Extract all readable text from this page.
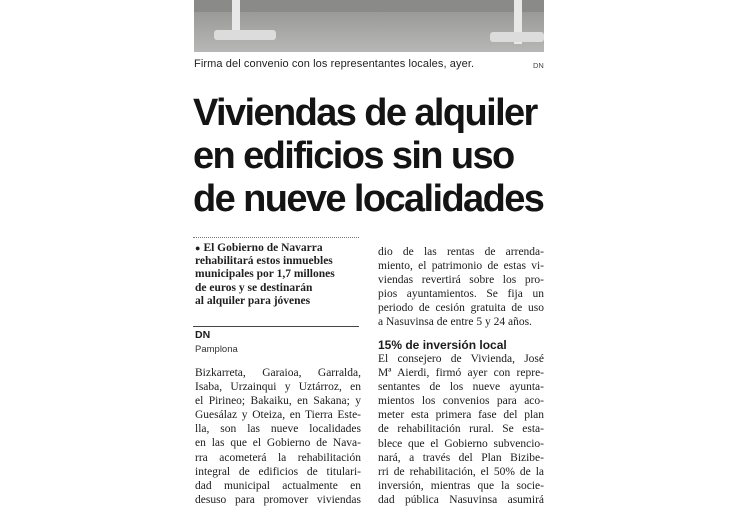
Firma del convenio con los representantes locales, ayer.	DN
Viviendas de alquiler
en edificios sin uso
de nueve localidades
● El Gobierno de Navarra
rehabilitará estos inmuebles
municipales por 1,7 millones
de euros y se destinarán
al alquiler para jóvenes
DN
Pamplona
Bizkarreta, Garaioa, Garralda,
Isaba, Urzainqui y Uztárroz, en
el Pirineo; Bakaiku, en Sakana; y
Guesálaz y Oteiza, en Tierra Este-
lla, son las nueve localidades
en las que el Gobierno de Nava-
rra acometerá la rehabilitación
integral de edificios de titulari-
dad municipal actualmente en
desuso para promover viviendas
dio de las rentas de arrenda-
miento, el patrimonio de estas vi-
viendas revertirá sobre los pro-
pios ayuntamientos. Se fija un
periodo de cesión gratuita de uso
a Nasuvinsa de entre 5 y 24 años.
15% de inversión local
El consejero de Vivienda, José
Mª Aierdi, firmó ayer con repre-
sentantes de los nueve ayunta-
mientos los convenios para aco-
meter esta primera fase del plan
de rehabilitación rural. Se esta-
blece que el Gobierno subvencio-
nará, a través del Plan Bizibe-
rri de rehabilitación, el 50% de la
inversión, mientras que la socie-
dad pública Nasuvinsa asumirá
